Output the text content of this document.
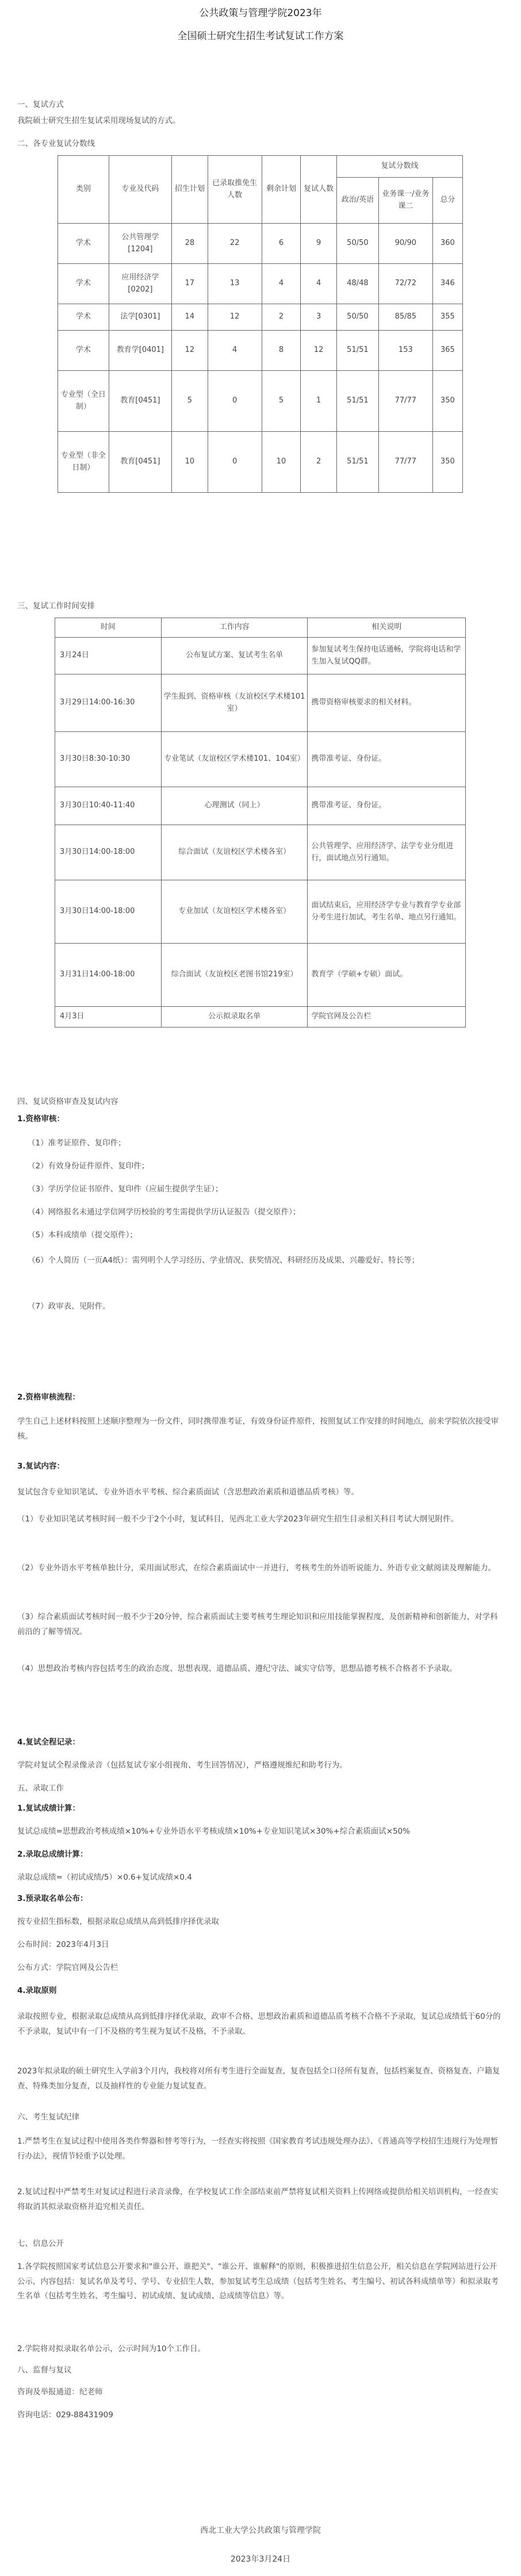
公共政策与管理学院2023年
全国硕士研究生招生考试复试工作方案
一、复试方式
我院硕士研究生招生复试采用现场复试的方式。
二、各专业复试分数线
类别	专业及代码	招生计划	已录取推免生人数	剩余计划	复试人数	复试分数线		
						政治/英语	业务课一/业务课二	总分
学术	公共管理学[1204]	28	22	6	9	50/50	90/90	360
学术	应用经济学[0202]	17	13	4	4	48/48	72/72	346
学术	法学[0301]	14	12	2	3	50/50	85/85	355
学术	教育学[0401]	12	4	8	12	51/51	153	365
专业型（全日制）	教育[0451]	5	0	5	1	51/51	77/77	350
专业型（非全日制）	教育[0451]	10	0	10	2	51/51	77/77	350
三、复试工作时间安排
时间	工作内容	相关说明
3月24日	公布复试方案、复试考生名单	参加复试考生保持电话通畅，学院将电话和学生加入复试QQ群。
3月29日14:00-16:30	学生报到、资格审核（友谊校区学术楼101室）	携带资格审核要求的相关材料。
3月30日8:30-10:30	专业笔试（友谊校区学术楼101、104室）	携带准考证、身份证。
3月30日10:40-11:40	心理测试（同上）	携带准考证、身份证。
3月30日14:00-18:00	综合面试（友谊校区学术楼各室）	公共管理学、应用经济学、法学专业分组进行，面试地点另行通知。
3月30日14:00-18:00	专业加试（友谊校区学术楼各室）	面试结束后，应用经济学专业与教育学专业部分考生进行加试，考生名单、地点另行通知。
3月31日14:00-18:00	综合面试（友谊校区老图书馆219室）	教育学（学硕+专硕）面试。
4月3日	公示拟录取名单	学院官网及公告栏
四、复试资格审查及复试内容
1.资格审核：
（1）准考证原件、复印件；
（2）有效身份证件原件、复印件；
（3）学历学位证书原件、复印件（应届生提供学生证）；
（4）网络报名未通过学信网学历校验的考生需提供学历认证报告（提交原件）；
（5）本科成绩单（提交原件）；
（6）个人简历（一页A4纸）：需列明个人学习经历、学业情况、获奖情况、科研经历及成果、兴趣爱好、特长等；
（7）政审表、见附件。
2.资格审核流程：
学生自己上述材料按照上述顺序整理为一份文件，同时携带准考证，有效身份证件原件，按照复试工作安排的时间地点，前来学院依次接受审核。
3.复试内容：
复试包含专业知识笔试、专业外语水平考核、综合素质面试（含思想政治素质和道德品质考核）等。
（1）专业知识笔试考核时间一般不少于2个小时，复试科目，见西北工业大学2023年研究生招生目录相关科目考试大纲见附件。
（2）专业外语水平考核单独计分，采用面试形式，在综合素质面试中一并进行，考核考生的外语听说能力、外语专业文献阅读及理解能力。
（3）综合素质面试考核时间一般不少于20分钟，综合素质面试主要考核考生理论知识和应用技能掌握程度，及创新精神和创新能力，对学科前沿的了解等情况。
（4）思想政治考核内容包括考生的政治态度、思想表现、道德品质、遵纪守法、诚实守信等，思想品德考核不合格者不予录取。
4.复试全程记录：
学院对复试全程录像录音（包括复试专家小组视角、考生回答情况），严格遵规维纪和助考行为。
五、录取工作
1.复试成绩计算：
复试总成绩=思想政治考核成绩×10%+专业外语水平考核成绩×10%+专业知识笔试×30%+综合素质面试×50%
2.录取总成绩计算：
录取总成绩=（初试成绩/5）×0.6+复试成绩×0.4
3.预录取名单公布：
按专业招生指标数，根据录取总成绩从高到低排序择优录取
公布时间：2023年4月3日
公布方式：学院官网及公告栏
4.录取原则
录取按照专业，根据录取总成绩从高到低排序择优录取，政审不合格、思想政治素质和道德品质考核不合格不予录取，复试总成绩低于60分的不予录取，复试中有一门不及格的考生视为复试不及格，不予录取。
2023年拟录取的硕士研究生入学前3个月内，我校将对所有考生进行全面复查，复查包括全口径所有复查，包括档案复查、资格复查、户籍复查、特殊类加分复查，以及抽样性的专业能力复试复查。
六、考生复试纪律
1.严禁考生在复试过程中使用各类作弊器和替考等行为，一经查实将按照《国家教育考试违规处理办法》、《普通高等学校招生违规行为处理暂行办法》，视情节轻重予以处理。
2.复试过程中严禁考生对复试过程进行录音录像，在学校复试工作全部结束前严禁将复试相关资料上传网络或提供给相关培训机构，一经查实将取消其拟录取资格并追究相关责任。
七、信息公开
1.各学院按照国家考试信息公开要求和"谁公开、谁把关"、"谁公开、谁解释"的原则，积极推进招生信息公开，相关信息在学院网站进行公开公示，内容包括：复试名单及考号、学号、专业招生人数，参加复试考生总成绩（包括考生姓名、考生编号、初试各科成绩单等）和拟录取考生名单（包括考生姓名、考生编号、初试成绩、复试成绩、总成绩等信息）等。
2.学院将对拟录取名单公示，公示时间为10个工作日。
八、监督与复议
咨询及举报通道：纪老师
咨询电话：029-88431909
西北工业大学公共政策与管理学院
2023年3月24日
